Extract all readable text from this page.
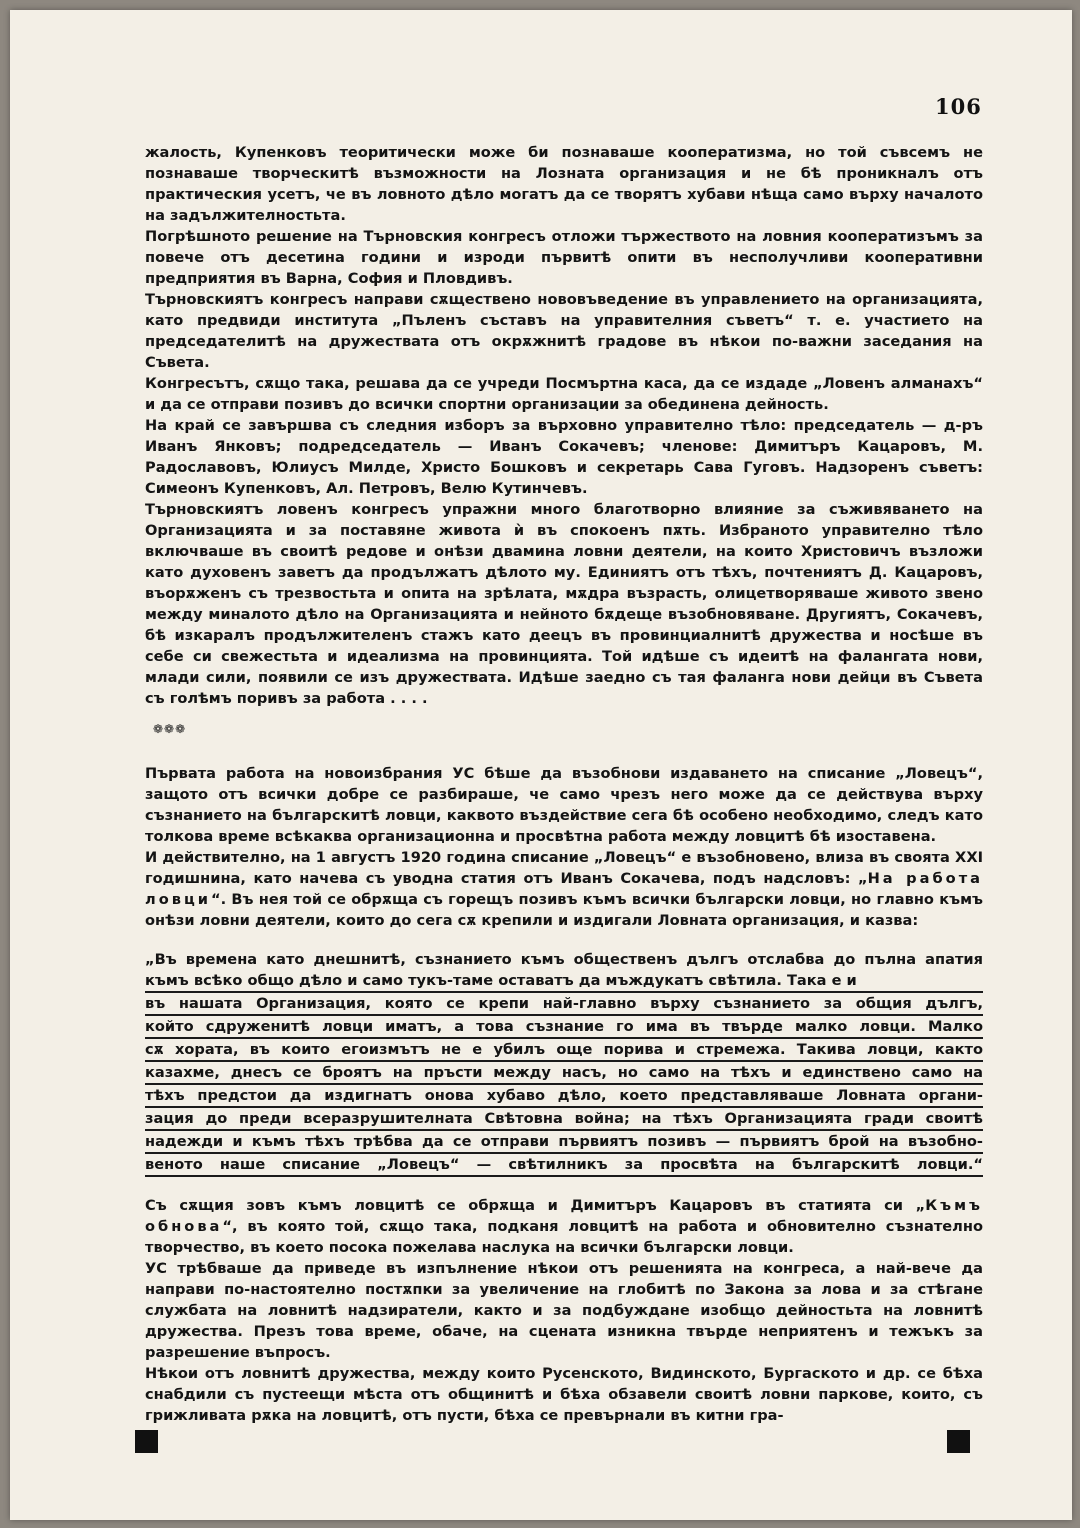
106

жалость, Купенковъ теоритически може би познаваше кооператизма, но той съвсемъ не познаваше творческитѣ възможности на Лозната организация и не бѣ проникналъ отъ практическия усетъ, че въ ловното дѣло могатъ да се творятъ хубави нѣща само върху началото на задължителностьта.

Погрѣшното решение на Търновския конгресъ отложи тържеството на ловния кооператизъмъ за повече отъ десетина години и изроди първитѣ опити въ несполучливи кооперативни предприятия въ Варна, София и Пловдивъ.

Търновскиятъ конгресъ направи сѫществено нововъведение въ управлението на организацията, като предвиди института „Пъленъ съставъ на управителния съветъ“ т. е. участието на председателитѣ на дружествата отъ окрѫжнитѣ градове въ нѣкои по-важни заседания на Съвета.

Конгресътъ, сѫщо така, решава да се учреди Посмъртна каса, да се издаде „Ловенъ алманахъ“ и да се отправи позивъ до всички спортни организации за обединена дейность.

На край се завършва съ следния изборъ за върховно управително тѣло: председатель — д-ръ Иванъ Янковъ; подредседатель — Иванъ Сокачевъ; членове: Димитъръ Кацаровъ, М. Радославовъ, Юлиусъ Милде, Христо Бошковъ и секретарь Сава Гуговъ. Надзоренъ съветъ: Симеонъ Купенковъ, Ал. Петровъ, Велю Кутинчевъ.

Търновскиятъ ловенъ конгресъ упражни много благотворно влияние за съживяването на Организацията и за поставяне живота ѝ въ спокоенъ пѫть. Избраното управително тѣло включваше въ своитѣ редове и онѣзи двамина ловни деятели, на които Христовичъ възложи като духовенъ заветъ да продължатъ дѣлото му. Единиятъ отъ тѣхъ, почтениятъ Д. Кацаровъ, въорѫженъ съ трезвостьта и опита на зрѣлата, мѫдра възрасть, олицетворяваше живото звено между миналото дѣло на Организацията и нейното бѫдеще възобновяване. Другиятъ, Сокачевъ, бѣ изкаралъ продължителенъ стажъ като деецъ въ провинциалнитѣ дружества и носѣше въ себе си свежестьта и идеализма на провинцията. Той идѣше съ идеитѣ на фалангата нови, млади сили, появили се изъ дружествата. Идѣше заедно съ тая фаланга нови дейци въ Съвета съ голѣмъ поривъ за работа . . . .

❁❁❁

Първата работа на новоизбрания УС бѣше да възобнови издаването на списание „Ловецъ“, защото отъ всички добре се разбираше, че само чрезъ него може да се действува върху съзнанието на българскитѣ ловци, каквото въздействие сега бѣ особено необходимо, следъ като толкова време всѣкаква организационна и просвѣтна работа между ловцитѣ бѣ изоставена.

И действително, на 1 августъ 1920 година списание „Ловецъ“ е възобновено, влиза въ своята XXI годишнина, като начева съ уводна статия отъ Иванъ Сокачева, подъ надсловъ: „На работа ловци“. Въ нея той се обрѫща съ горещъ позивъ къмъ всички български ловци, но главно къмъ онѣзи ловни деятели, които до сега сѫ крепили и издигали Ловната организация, и казва:

„Въ времена като днешнитѣ, съзнанието къмъ общественъ дългъ отслабва до пълна апатия къмъ всѣко общо дѣло и само тукъ-таме оставатъ да мъждукатъ свѣтила. Така е и
въ нашата Организация, която се крепи най-главно върху съзнанието за общия дългъ,
който сдруженитѣ ловци иматъ, а това съзнание го има въ твърде малко ловци. Малко
сѫ хората, въ които егоизмътъ не е убилъ още порива и стремежа. Такива ловци, както
казахме, днесъ се броятъ на пръсти между насъ, но само на тѣхъ и единствено само на
тѣхъ предстои да издигнатъ онова хубаво дѣло, което представляваше Ловната органи-
зация до преди всеразрушителната Свѣтовна война; на тѣхъ Организацията гради своитѣ
надежди и къмъ тѣхъ трѣбва да се отправи първиятъ позивъ — първиятъ брой на възобно-
веното наше списание „Ловецъ“ — свѣтилникъ за просвѣта на българскитѣ ловци.“

Съ сѫщия зовъ къмъ ловцитѣ се обрѫща и Димитъръ Кацаровъ въ статията си „Къмъ обнова“, въ която той, сѫщо така, подканя ловцитѣ на работа и обновително съзнателно творчество, въ което посока пожелава наслука на всички български ловци.

УС трѣбваше да приведе въ изпълнение нѣкои отъ решенията на конгреса, а най-вече да направи по-настоятелно постѫпки за увеличение на глобитѣ по Закона за лова и за стѣгане службата на ловнитѣ надзиратели, както и за подбуждане изобщо дейностьта на ловнитѣ дружества. Презъ това време, обаче, на сцената изникна твърде неприятенъ и тежъкъ за разрешение въпросъ.

Нѣкои отъ ловнитѣ дружества, между които Русенското, Видинското, Бургаското и др. се бѣха снабдили съ пустеещи мѣста отъ общинитѣ и бѣха обзавели своитѣ ловни паркове, които, съ грижливата рѫка на ловцитѣ, отъ пусти, бѣха се превърнали въ китни гра-
